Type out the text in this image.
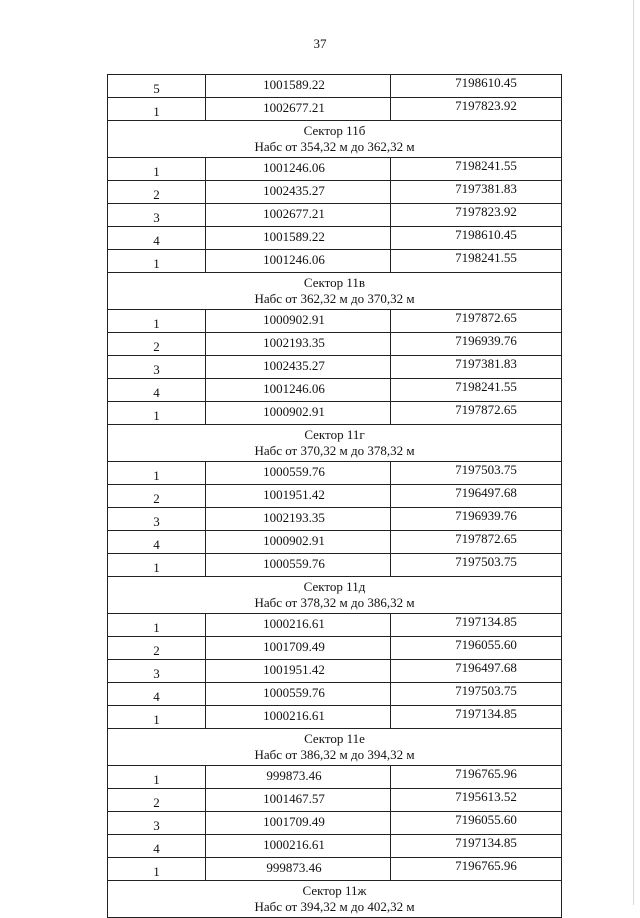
37
5	1001589.22	7198610.45
1	1002677.21	7197823.92

Сектор 11б
Набс от 354,32 м до 362,32 м		

1	1001246.06	7198241.55
2	1002435.27	7197381.83
3	1002677.21	7197823.92
4	1001589.22	7198610.45
1	1001246.06	7198241.55

Сектор 11в
Набс от 362,32 м до 370,32 м		

1	1000902.91	7197872.65
2	1002193.35	7196939.76
3	1002435.27	7197381.83
4	1001246.06	7198241.55
1	1000902.91	7197872.65

Сектор 11г
Набс от 370,32 м до 378,32 м		

1	1000559.76	7197503.75
2	1001951.42	7196497.68
3	1002193.35	7196939.76
4	1000902.91	7197872.65
1	1000559.76	7197503.75

Сектор 11д
Набс от 378,32 м до 386,32 м		

1	1000216.61	7197134.85
2	1001709.49	7196055.60
3	1001951.42	7196497.68
4	1000559.76	7197503.75
1	1000216.61	7197134.85

Сектор 11е
Набс от 386,32 м до 394,32 м		

1	999873.46	7196765.96
2	1001467.57	7195613.52
3	1001709.49	7196055.60
4	1000216.61	7197134.85
1	999873.46	7196765.96

Сектор 11ж
Набс от 394,32 м до 402,32 м		
